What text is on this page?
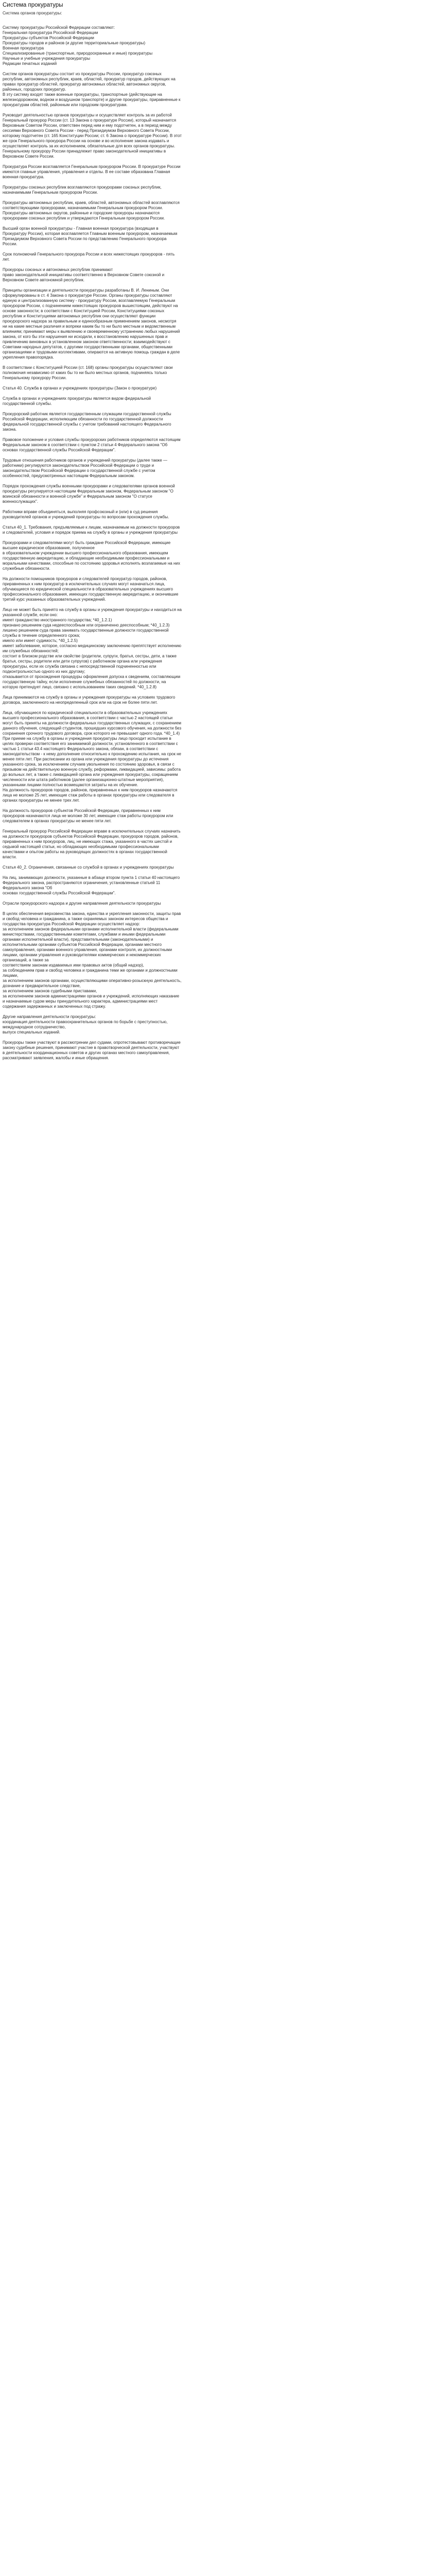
Система прокуратуры

Система органов прокуратуры:

Систему прокуратуры Российской Федерации составляют:
Генеральная прокуратура Российской Федерации
Прокуратуры субъектов Российской Федерации
Прокуратуры городов и районов (и другие территориальные прокуратуры)
Военная прокуратура
Специализированные (транспортные, природоохранные и иные) прокуратуры
Научные и учебные учреждения прокуратуры
Редакции печатных изданий

Систем органов прокуратуры состоит из прокуратуры России, прокуратур союзных республик, автономных республик, краев, областей, прокуратур городов, действующих на правах прокуратур областей, прокуратур автономных областей, автономных округов, районных, городских прокуратур.
В эту систему входят также военные прокуратуры, транспортные (действующие на железнодорожном, водном и воздушном транспорте) и другие прокуратуры, приравненные к прокуратурам областей, районным или городским прокуратурам.

Руководит деятельностью органов прокуратуры и осуществляет контроль за их работой Генеральный прокурор России (ст. 13 Закона о прокуратуре России), который назначается Верховным Советом России, ответствен перед ним и ему подотчетен, а в период между сессиями Верховного Совета России - перед Президиумом Верховного Совета России, которому подотчетен (ст. 165 Конституции России; ст. 6 Закона о прокуратуре России). В этот же срок Генерального прокурора России на основе и во исполнение закона издавать и осуществляет контроль за их исполнением, обязательные для всех органов прокуратуры. Генеральному прокурору России принадлежит право законодательной инициативы в Верховном Совете России.

Прокуратура России возглавляется Генеральным прокурором России. В прокуратуре России имеются главные управления, управления и отделы. В ее составе образована Главная военная прокуратура.

Прокуратуры союзных республик возглавляются прокурорами союзных республик, назначаемыми Генеральным прокурором России.

Прокуратуры автономных республик, краев, областей, автономных областей возглавляются соответствующими прокурорами, назначаемыми Генеральным прокурором России. Прокуратуры автономных округов, районные и городские прокуроры назначаются прокурорами союзных республик и утверждаются Генеральным прокурором России.

Высший орган военной прокуратуры - Главная военная прокуратура (входящая в Прокуратуру России), которая возглавляется Главным военным прокурором, назначаемым Президиумом Верховного Совета России по представлению Генерального прокурора России.

Срок полномочий Генерального прокурора России и всех нижестоящих прокуроров - пять лет.

Прокуроры союзных и автономных республик принимают
право законодательной инициативы соответственно в Верховном Совете союзной и Верховном Совете автономной республик.

Принципы организации и деятельности прокуратуры разработаны В. И. Лениным. Они сформулированы в ст. 4 Закона о прокуратуре России. Органы прокуратуры составляют единую и централизованную систему - прокуратуру России, возглавляемую Генеральным прокурором России, с подчинением нижестоящих прокуроров вышестоящим, действуют на основе законности; в соответствии с Конституцией России, Конституциями союзных республик и Конституциями автономных республик они осуществляют функции прокурорского надзора за правильным и единообразным применением законов, несмотря ни на какие местные различия и вопреки каким бы то ни было местным и ведомственным влияниям; принимают меры к выявлению и своевременному устранению любых нарушений закона, от кого бы эти нарушения ни исходили, к восстановлению нарушенных прав и привлечению виновных в установленном законом ответственности; взаимодействуют с Советами народных депутатов, с другими государственными органами, общественными организациями и трудовыми коллективами, опираются на активную помощь граждан в деле укрепления правопорядка.

В соответствии с Конституцией России (ст. 168) органы прокуратуры осуществляют свои полномочия независимо от каких бы то ни было местных органов, подчиняясь только Генеральному прокурору России.

Статья 40. Служба в органах и учреждениях прокуратуры (Закон о прокуратуре)

Служба в органах и учреждениях прокуратуры является видом федеральной государственной службы.

Прокурорский работник является государственным служащим государственной службы Российской Федерации, исполняющим обязанности по государственной должности федеральной государственной службы с учетом требований настоящего Федерального закона.

Правовое положение и условия службы прокурорских работников определяются настоящим Федеральным законом в соответствии с пунктом 2 статьи 4 Федерального закона "Об основах государственной службы Российской Федерации".

Трудовые отношения работников органов и учреждений прокуратуры (далее также — работники) регулируются законодательством Российской Федерации о труде и законодательством Российской Федерации о государственной службе с учетом особенностей, предусмотренных настоящим Федеральным законом.

Порядок прохождения службы военными прокурорами и следователями органов военной прокуратуры регулируется настоящим Федеральным законом, Федеральным законом "О воинской обязанности и военной службе" и Федеральным законом "О статусе военнослужащих".

Работники вправе объединяться, выполняя профсоюзный и (или) в суд решения руководителей органов и учреждений прокуратуры по вопросам прохождения службы.

Статья 40_1. Требования, предъявляемые к лицам, назначаемым на должности прокуроров и следователей, условия и порядок приема на службу в органы и учреждения прокуратуры

Прокурорами и следователями могут быть граждане Российской Федерации, имеющие высшее юридическое образование, полученное
в образовательном учреждении высшего профессионального образования, имеющем государственную аккредитацию, и обладающие необходимыми профессиональными и моральными качествами, способные по состоянию здоровья исполнять возлагаемые на них служебные обязанности.

На должности помощников прокуроров и следователей прокуратур городов, районов, приравненных к ним прокуратур в исключительных случаях могут назначаться лица, обучающиеся по юридической специальности в образовательных учреждениях высшего профессионального образования, имеющих государственную аккредитацию, и окончившие третий курс указанных образовательных учреждений.

Лицо не может быть принято на службу в органы и учреждения прокуратуры и находиться на указанной службе, если оно:
имеет гражданство иностранного государства; *40_1.2.1)
признано решением суда недееспособным или ограниченно дееспособным; *40_1.2.3)
лишено решением суда права занимать государственные должности государственной службы в течение определенного срока;
имело или имеет судимость; *40_1.2.5)
имеет заболевание, которое, согласно медицинскому заключению препятствует исполнению им служебных обязанностей;
состоит в близком родстве или свойстве (родители, супруги, братья, сестры, дети, а также братья, сестры, родители или дети супругов) с работником органа или учреждения прокуратуры, если их служба связана с непосредственной подчиненностью или подконтрольностью одного из них другому;
отказывается от прохождения процедуры оформления допуска к сведениям, составляющим государственную тайну, если исполнение служебных обязанностей по должности, на которую претендует лицо, связано с использованием таких сведений. *40_1.2.8)

Лица принимаются на службу в органы и учреждения прокуратуры на условиях трудового договора, заключенного на неопределенный срок или на срок не более пяти лет.

Лица, обучающиеся по юридической специальности в образовательных учреждениях высшего профессионального образования, в соответствии с частью 2 настоящей статьи могут быть приняты на должности федеральных государственных служащих, с сохранением данного обучения, следующий студентов, прошедших курсового обучения, на должности без сохранения срочного трудового договора, срок которого не превышает одного года. *40_1.4)
При приеме на службу в органы и учреждения прокуратуры лицо проходит испытание в целях проверки соответствия его занимаемой должности, установленного в соответствии с частью 1 статьи 43.4 настоящего Федерального закона, обязан, в соответствии с законодательством - к нему дополнение относительно к прохождению испытания, на срок не менее пяти лет. При расписании из органа или учреждения прокуратуры до истечения указанного срока, за исключением случаев увольнения по состоянию здоровья, в связи с призывом на действительную военную службу, реформами, ликвидацией, зависимы: работа до вольных лет, а также с ликвидацией органа или учреждения прокуратуры, сокращением численности или штата работников (далее организационно-штатные мероприятия), указанными лицами полностью возмещаются затраты на их обучение.
На должность прокуроров городов, районов, приравненных к ним прокуроров назначаются лица не моложе 25 лет, имеющие стаж работы в органах прокуратуры или следователя в органах прокуратуры не менее трех лет.

На должность прокуроров субъектов Российской Федерации, приравненных к ним прокуроров назначаются лица не моложе 30 лет, имеющие стаж работы прокурором или следователем в органах прокуратуры не менее пяти лет.

Генеральный прокурор Российской Федерации вправе в исключительных случаях назначить на должности прокуроров субъектов Российской Федерации, прокуроров городов, районов, приравненных к ним прокуроров, лиц, не имеющих стажа, указанного в частях шестой и седьмой настоящей статьи, но обладающих необходимыми профессиональными качествами и опытом работы на руководящих должностях в органах государственной власти.

Статья 40_2. Ограничения, связанные со службой в органах и учреждениях прокуратуры

На лиц, занимающих должности, указанные в абзаце втором пункта 1 статьи 40 настоящего Федерального закона, распространяются ограничения, установленные статьей 11 Федерального закона "Об
основах государственной службы Российской Федерации".

Отрасли прокурорского надзора и другие направления деятельности прокуратуры

В целях обеспечения верховенства закона, единства и укрепления законности, защиты прав и свобод человека и гражданина, а также охраняемых законом интересов общества и государства прокуратура Российской Федерации осуществляет надзор:
за исполнением законов федеральными органами исполнительной власти (федеральными министерствами, государственными комитетами, службами и иными федеральными органами исполнительной власти), представительными (законодательными) и исполнительными органами субъектов Российской Федерации, органами местного самоуправления, органами военного управления, органами контроля, их должностными лицами, органами управления и руководителями коммерческих и некоммерческих организаций, а также за
соответствием законам издаваемых ими правовых актов (общий надзор),
за соблюдением прав и свобод человека и гражданина теми же органами и должностными лицами,
за исполнением законов органами, осуществляющими оперативно-розыскную деятельность, дознание и предварительное следствие,
за исполнением законов судебными приставами,
за исполнением законов администрациями органов и учреждений, исполняющих наказание и назначаемые судом меры принудительного характера, администрациями мест содержания задержанных и заключенных под стражу.

Другие направления деятельности прокуратуры:
координация деятельности правоохранительных органов по борьбе с преступностью,
международное сотрудничество,
выпуск специальных изданий.

Прокуроры также участвуют в рассмотрении дел судами, опротестовывают противоречащие закону судебные решения, принимают участие в правотворческой деятельности, участвуют в деятельности координационных советов и других органах местного самоуправления, рассматривают заявления, жалобы и иные обращения.
